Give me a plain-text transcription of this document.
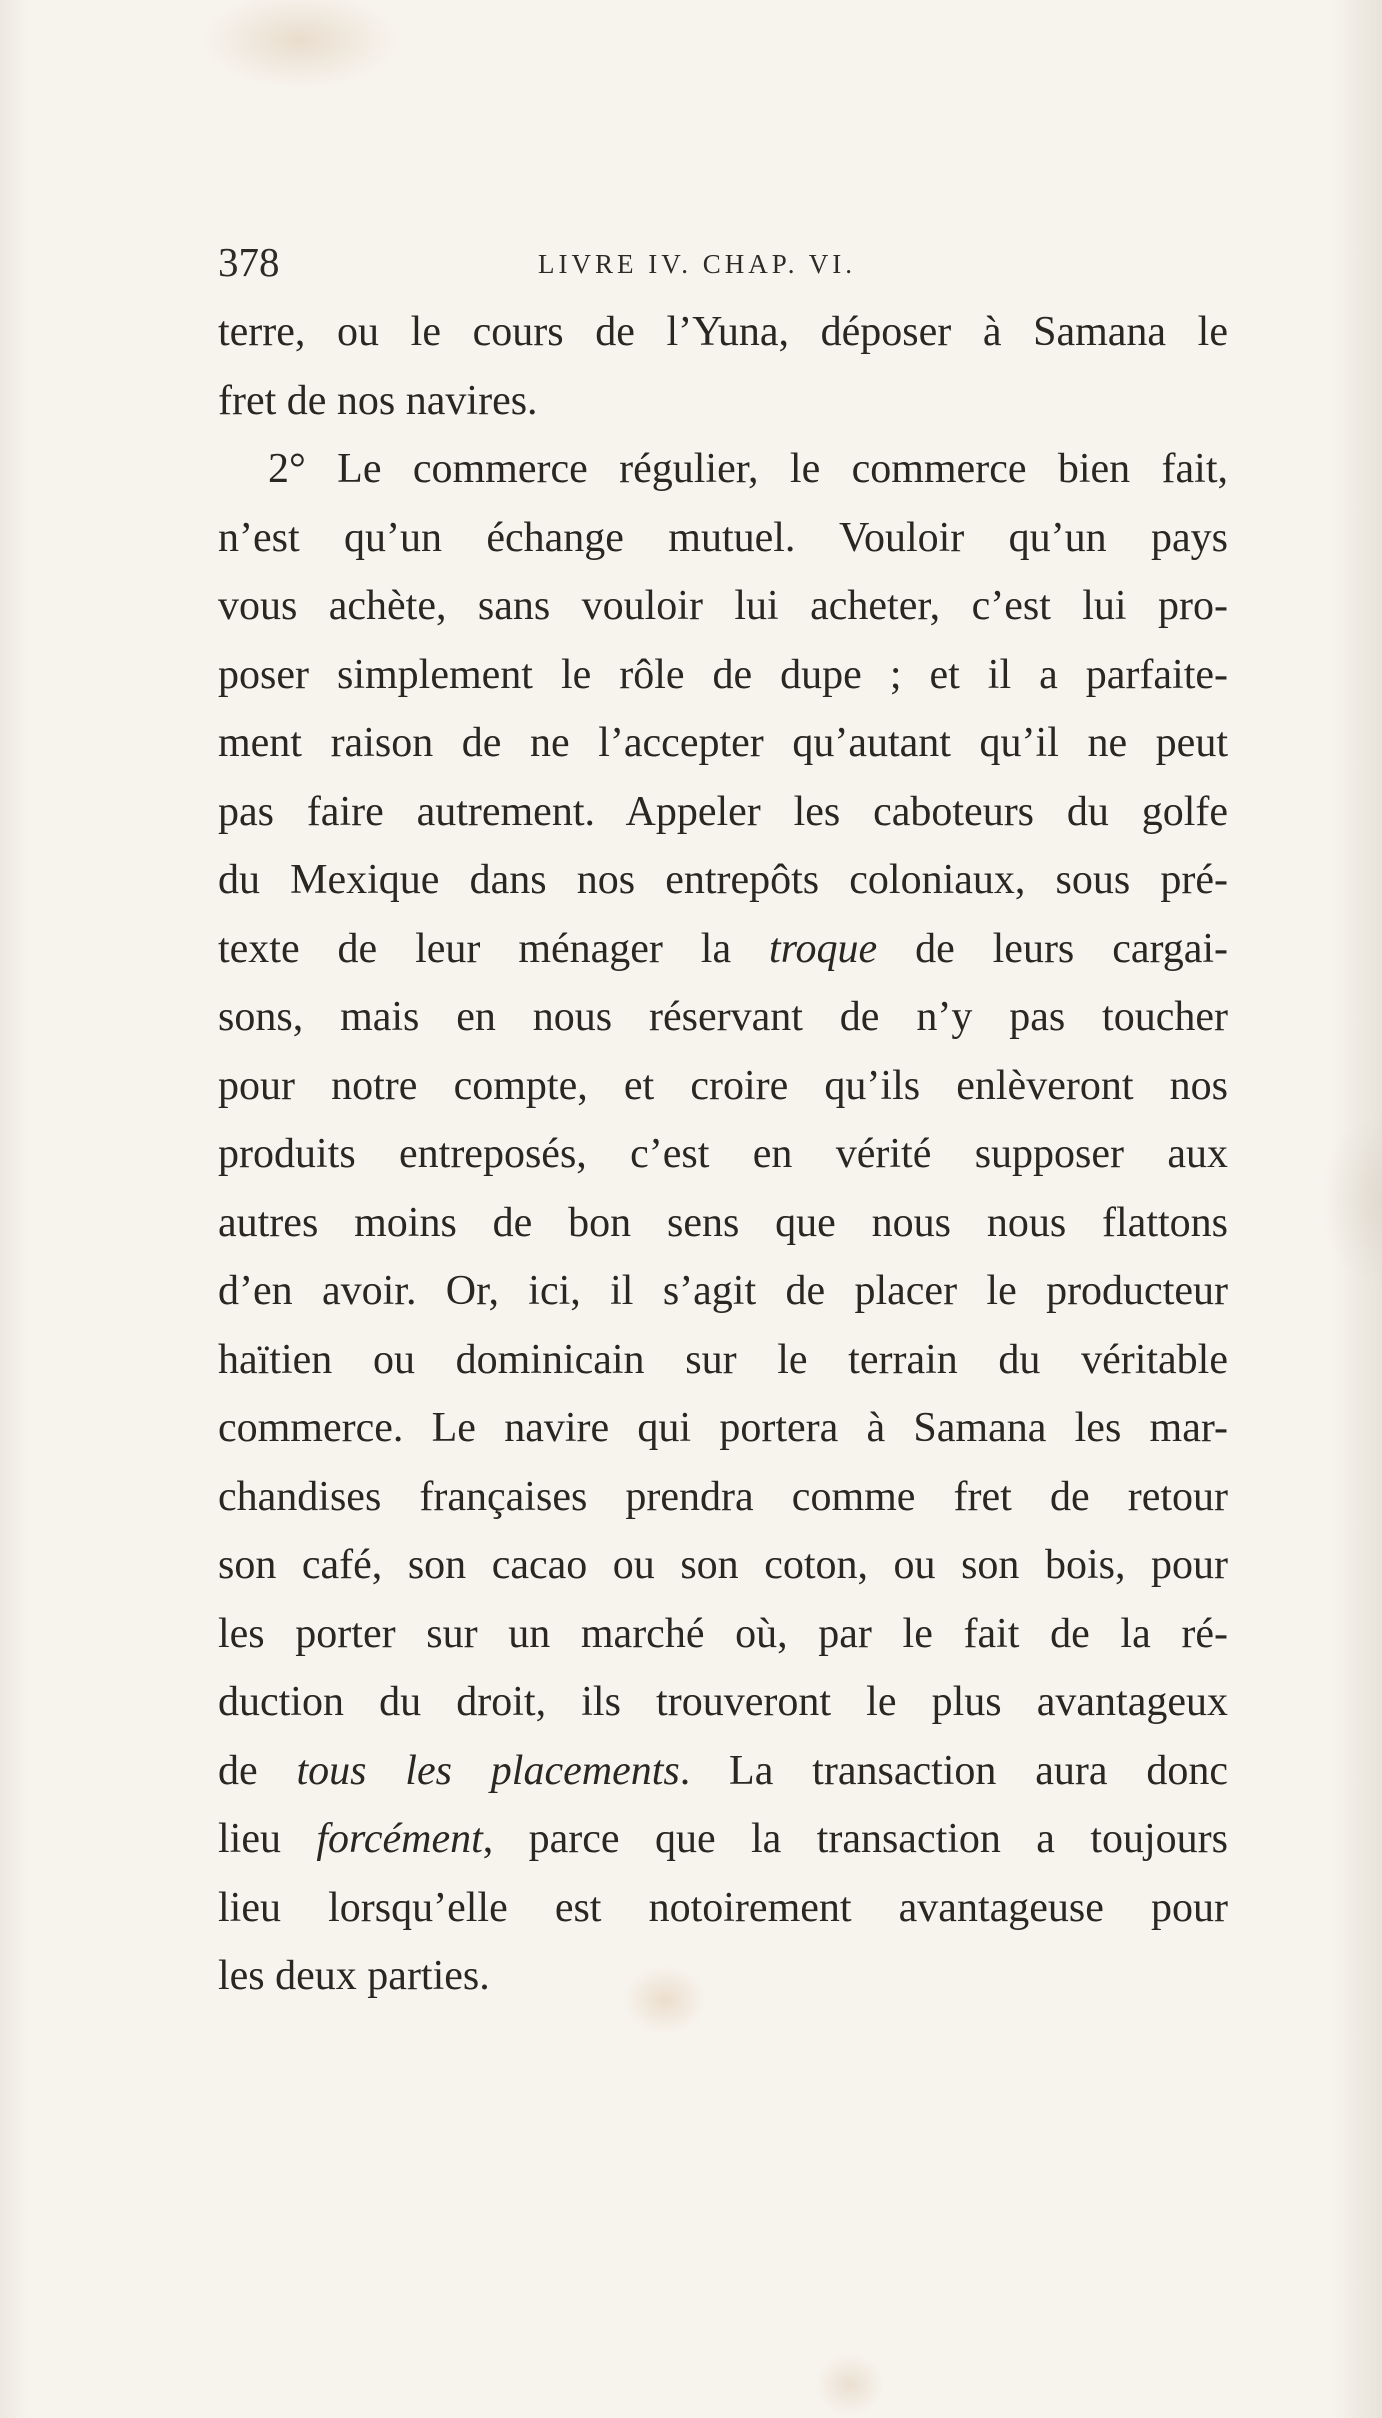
378	LIVRE IV. CHAP. VI.
terre, ou le cours de l’Yuna, déposer à Samana le
fret de nos navires.
2° Le commerce régulier, le commerce bien fait,
n’est qu’un échange mutuel. Vouloir qu’un pays
vous achète, sans vouloir lui acheter, c’est lui pro-
poser simplement le rôle de dupe ; et il a parfaite-
ment raison de ne l’accepter qu’autant qu’il ne peut
pas faire autrement. Appeler les caboteurs du golfe
du Mexique dans nos entrepôts coloniaux, sous pré-
texte de leur ménager la troque de leurs cargai-
sons, mais en nous réservant de n’y pas toucher
pour notre compte, et croire qu’ils enlèveront nos
produits entreposés, c’est en vérité supposer aux
autres moins de bon sens que nous nous flattons
d’en avoir. Or, ici, il s’agit de placer le producteur
haïtien ou dominicain sur le terrain du véritable
commerce. Le navire qui portera à Samana les mar-
chandises françaises prendra comme fret de retour
son café, son cacao ou son coton, ou son bois, pour
les porter sur un marché où, par le fait de la ré-
duction du droit, ils trouveront le plus avantageux
de tous les placements. La transaction aura donc
lieu forcément, parce que la transaction a toujours
lieu lorsqu’elle est notoirement avantageuse pour
les deux parties.
